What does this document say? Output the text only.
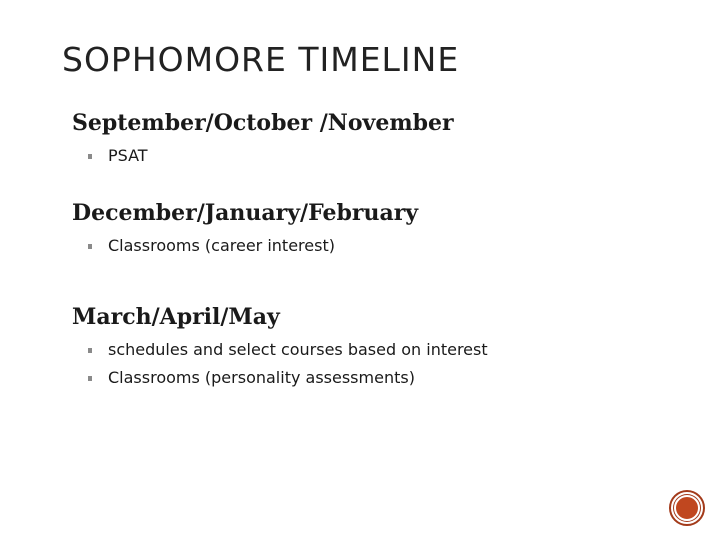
SOPHOMORE TIMELINE
September/October /November
PSAT
December/January/February
Classrooms (career interest)
March/April/May
schedules and select courses based on interest
Classrooms (personality assessments)
